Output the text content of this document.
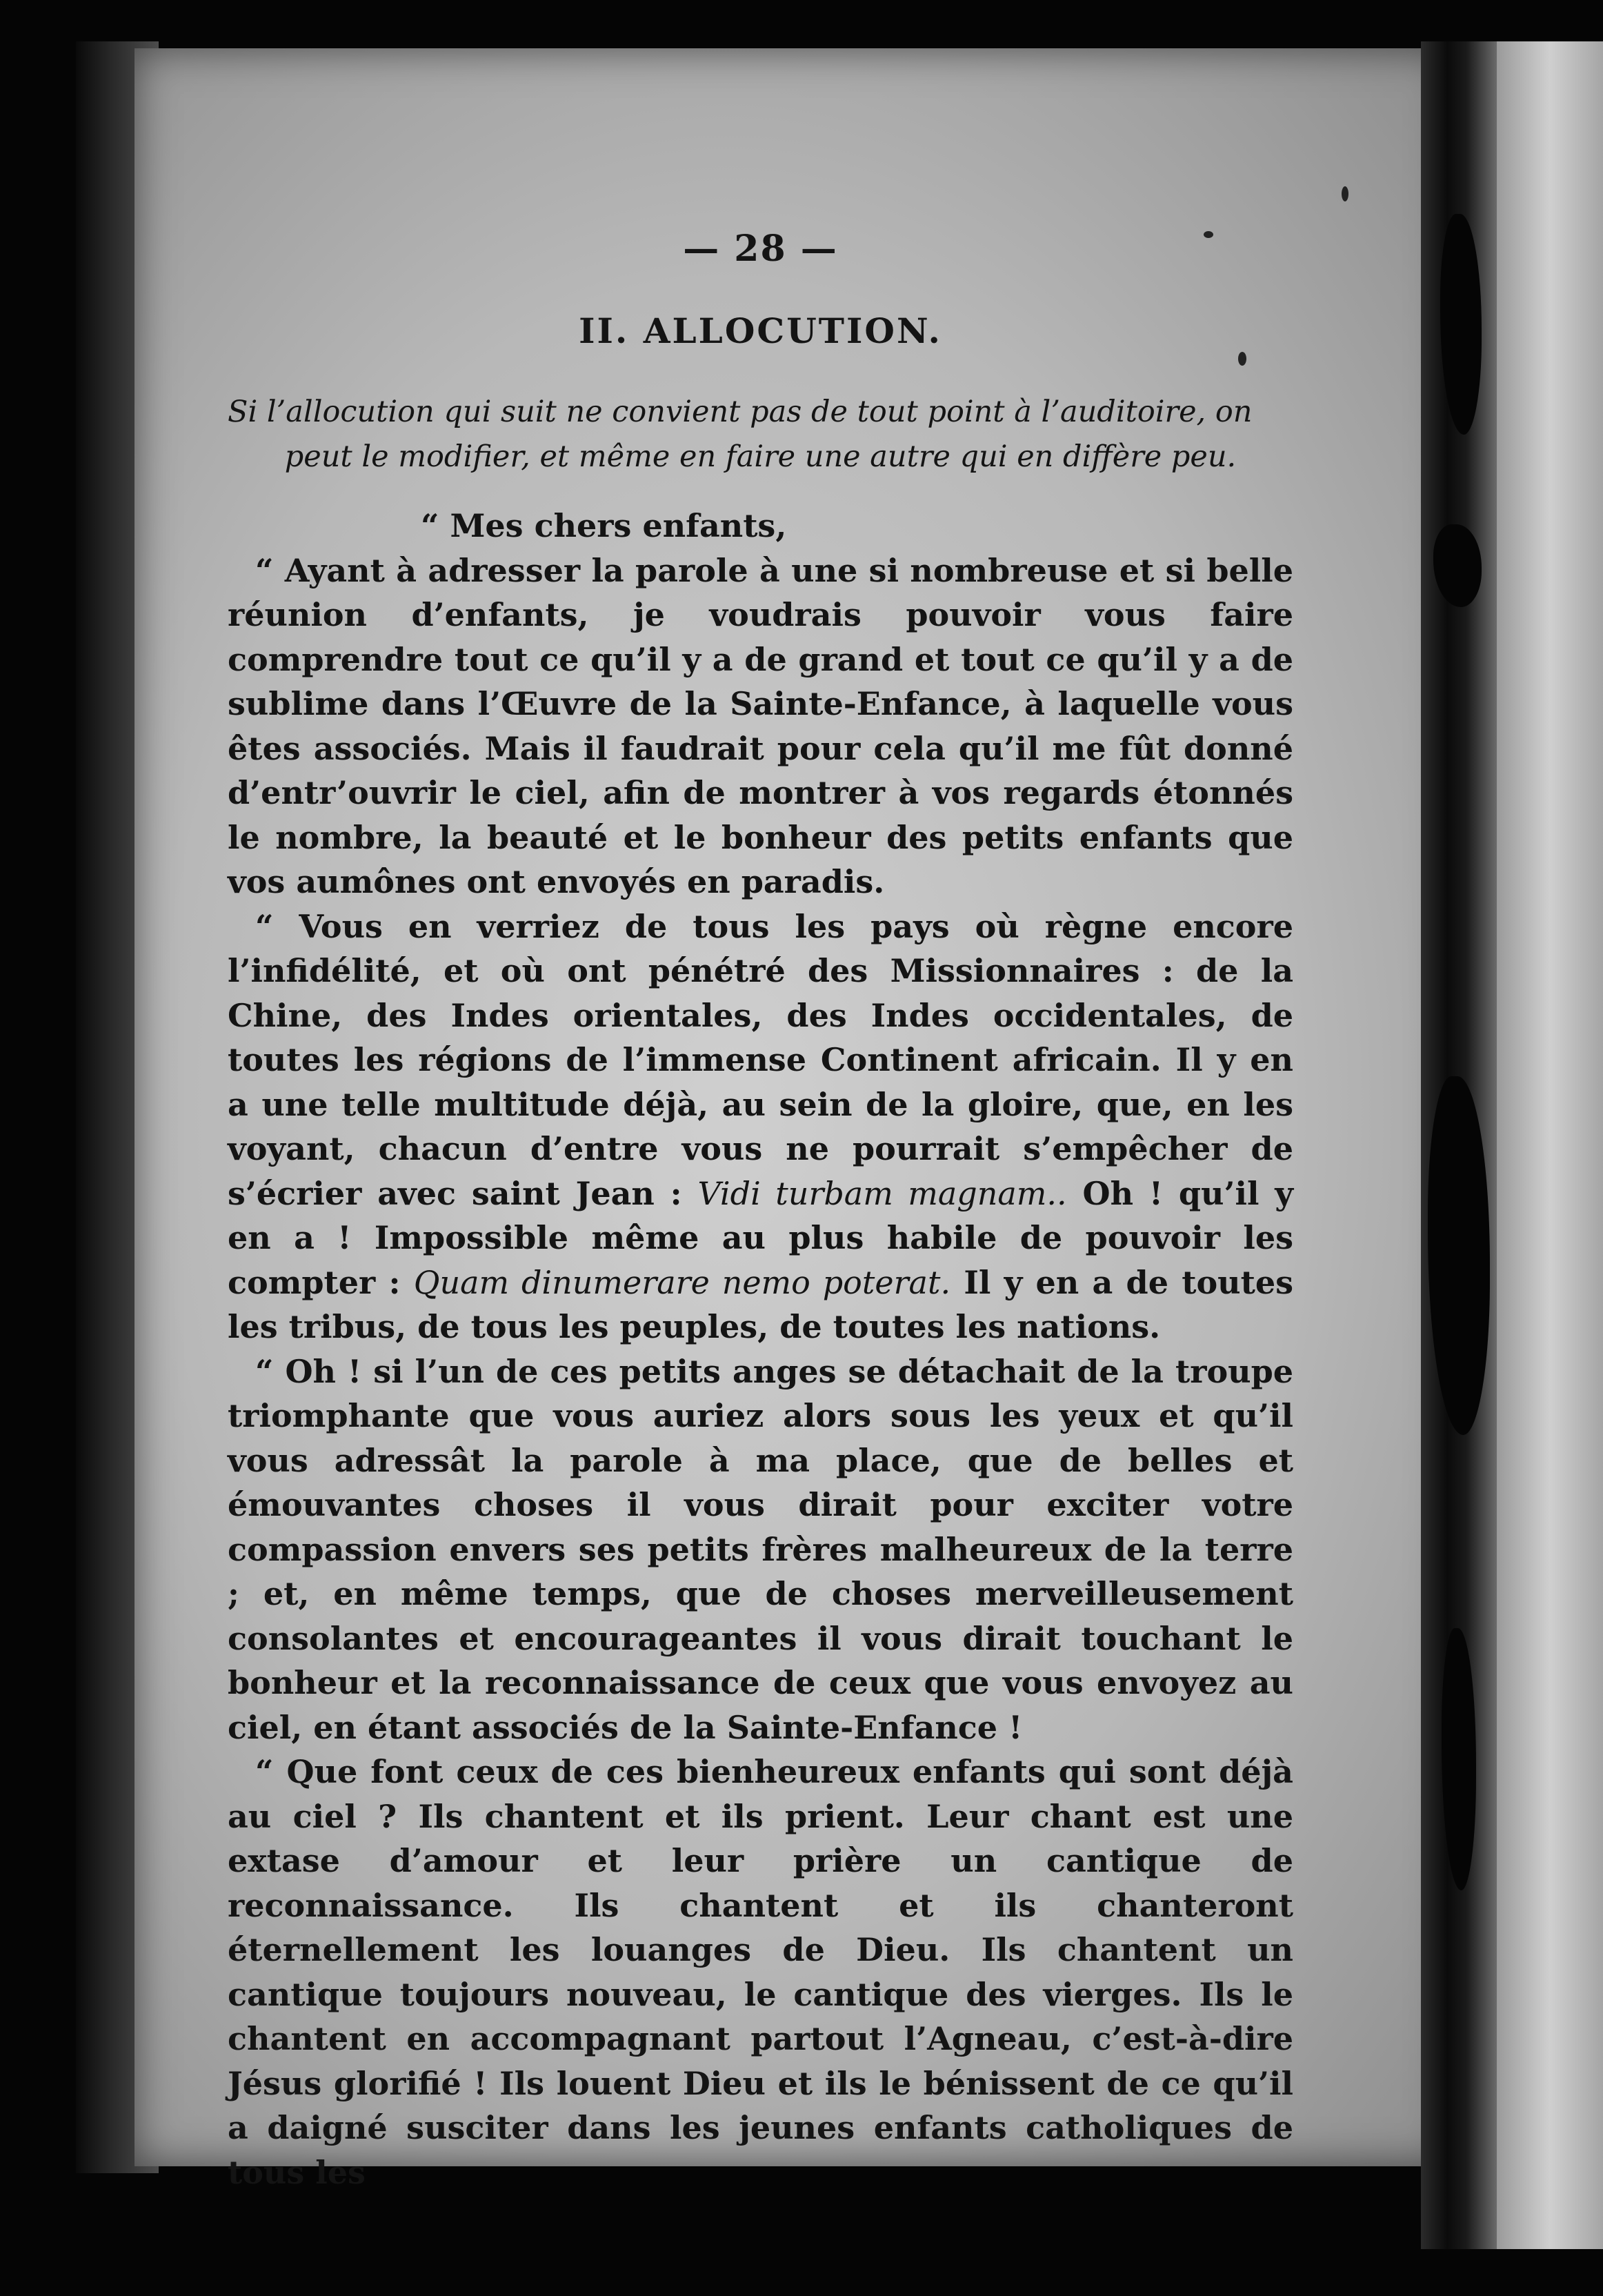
— 28 —
II. ALLOCUTION.
Si l’allocution qui suit ne convient pas de tout point à l’auditoire, on
peut le modifier, et même en faire une autre qui en diffère peu.

“ Mes chers enfants,

“ Ayant à adresser la parole à une si nombreuse et si belle réunion d’enfants, je voudrais pouvoir vous faire comprendre tout ce qu’il y a de grand et tout ce qu’il y a de sublime dans l’Œuvre de la Sainte-Enfance, à laquelle vous êtes associés. Mais il faudrait pour cela qu’il me fût donné d’entr’ouvrir le ciel, afin de montrer à vos regards étonnés le nombre, la beauté et le bonheur des petits enfants que vos aumônes ont envoyés en paradis.

“ Vous en verriez de tous les pays où règne encore l’infidélité, et où ont pénétré des Missionnaires : de la Chine, des Indes orientales, des Indes occidentales, de toutes les régions de l’immense Continent africain. Il y en a une telle multitude déjà, au sein de la gloire, que, en les voyant, chacun d’entre vous ne pourrait s’empêcher de s’écrier avec saint Jean : Vidi turbam magnam.. Oh ! qu’il y en a ! Impossible même au plus habile de pouvoir les compter : Quam dinumerare nemo poterat. Il y en a de toutes les tribus, de tous les peuples, de toutes les nations.

“ Oh ! si l’un de ces petits anges se détachait de la troupe triomphante que vous auriez alors sous les yeux et qu’il vous adressât la parole à ma place, que de belles et émouvantes choses il vous dirait pour exciter votre compassion envers ses petits frères malheureux de la terre ; et, en même temps, que de choses merveilleusement consolantes et encourageantes il vous dirait touchant le bonheur et la reconnaissance de ceux que vous envoyez au ciel, en étant associés de la Sainte-Enfance !

“ Que font ceux de ces bienheureux enfants qui sont déjà au ciel ? Ils chantent et ils prient. Leur chant est une extase d’amour et leur prière un cantique de reconnaissance. Ils chantent et ils chanteront éternellement les louanges de Dieu. Ils chantent un cantique toujours nouveau, le cantique des vierges. Ils le chantent en accompagnant partout l’Agneau, c’est-à-dire Jésus glorifié ! Ils louent Dieu et ils le bénissent de ce qu’il a daigné susciter dans les jeunes enfants catholiques de tous les
